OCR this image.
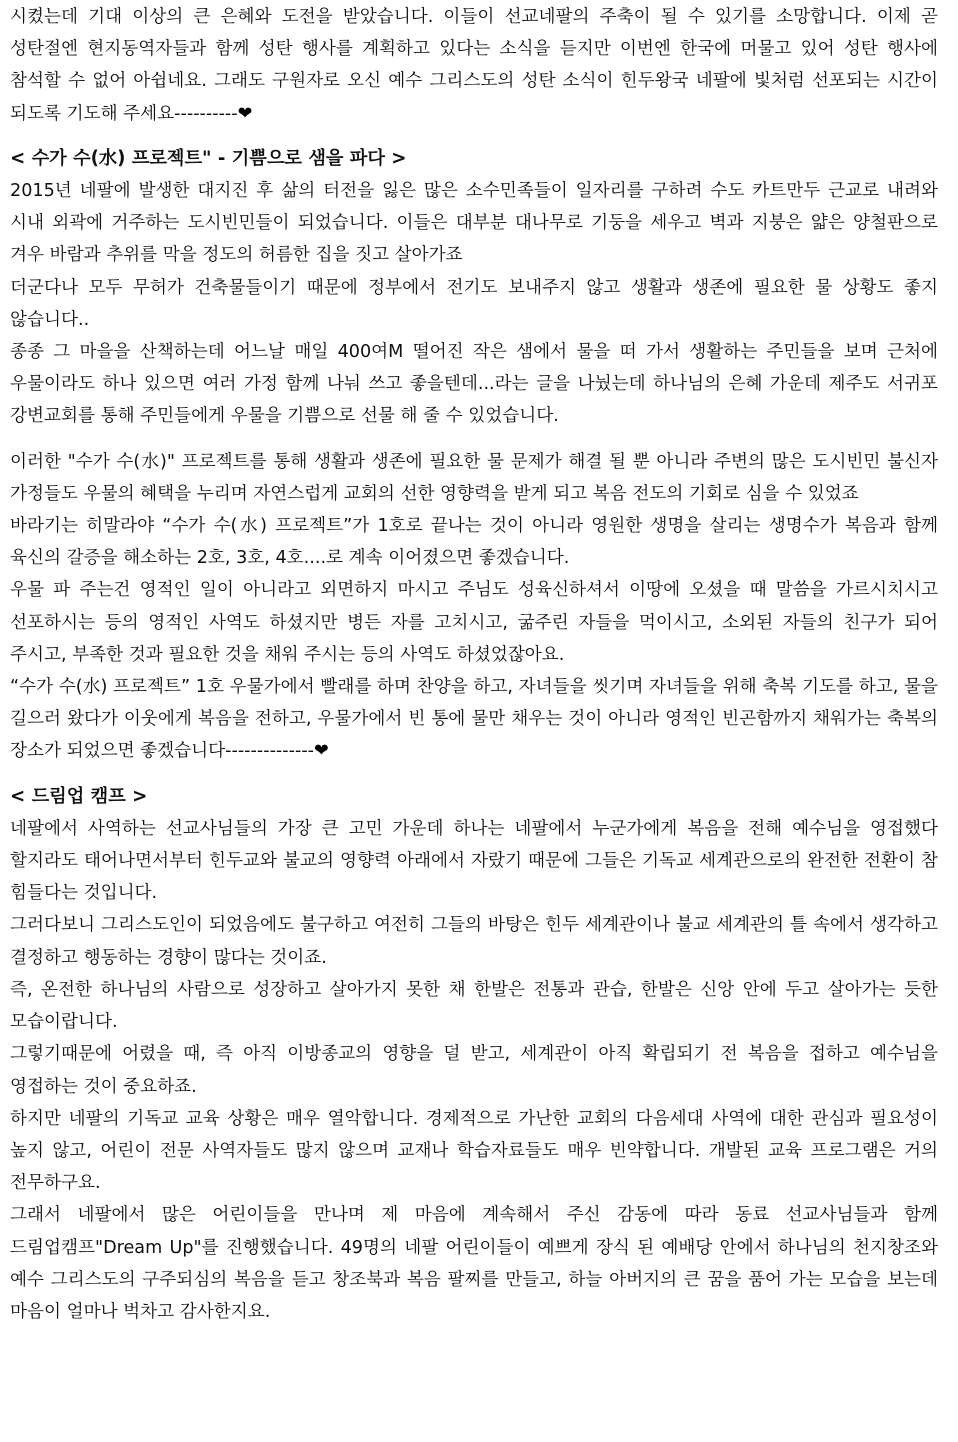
시켰는데 기대 이상의 큰 은혜와 도전을 받았습니다. 이들이 선교네팔의 주축이 될 수 있기를 소망합니다. 이제 곧 성탄절엔 현지동역자들과 함께 성탄 행사를 계획하고 있다는 소식을 듣지만 이번엔 한국에 머물고 있어 성탄 행사에 참석할 수 없어 아쉽네요. 그래도 구원자로 오신 예수 그리스도의 성탄 소식이 힌두왕국 네팔에 빛처럼 선포되는 시간이 되도록 기도해 주세요----------❤

< 수가 수(水) 프로젝트" - 기쁨으로 샘을 파다 >

2015년 네팔에 발생한 대지진 후 삶의 터전을 잃은 많은 소수민족들이 일자리를 구하려 수도 카트만두 근교로 내려와 시내 외곽에 거주하는 도시빈민들이 되었습니다. 이들은 대부분 대나무로 기둥을 세우고 벽과 지붕은 얇은 양철판으로 겨우 바람과 추위를 막을 정도의 허름한 집을 짓고 살아가죠

더군다나 모두 무허가 건축물들이기 때문에 정부에서 전기도 보내주지 않고 생활과 생존에 필요한 물 상황도 좋지 않습니다..

종종 그 마을을 산책하는데 어느날 매일 400여M 떨어진 작은 샘에서 물을 떠 가서 생활하는 주민들을 보며 근처에 우물이라도 하나 있으면 여러 가정 함께 나눠 쓰고 좋을텐데...라는 글을 나눴는데 하나님의 은혜 가운데 제주도 서귀포 강변교회를 통해 주민들에게 우물을 기쁨으로 선물 해 줄 수 있었습니다.

이러한 "수가 수(水)" 프로젝트를 통해 생활과 생존에 필요한 물 문제가 해결 될 뿐 아니라 주변의 많은 도시빈민 불신자 가정들도 우물의 혜택을 누리며 자연스럽게 교회의 선한 영향력을 받게 되고 복음 전도의 기회로 심을 수 있었죠

바라기는 히말라야 “수가 수(水) 프로젝트”가 1호로 끝나는 것이 아니라 영원한 생명을 살리는 생명수가 복음과 함께 육신의 갈증을 해소하는 2호, 3호, 4호....로 계속 이어졌으면 좋겠습니다.

우물 파 주는건 영적인 일이 아니라고 외면하지 마시고 주님도 성육신하셔서 이땅에 오셨을 때 말씀을 가르시치시고 선포하시는 등의 영적인 사역도 하셨지만 병든 자를 고치시고, 굶주린 자들을 먹이시고, 소외된 자들의 친구가 되어 주시고, 부족한 것과 필요한 것을 채워 주시는 등의 사역도 하셨었잖아요.

“수가 수(水) 프로젝트” 1호 우물가에서 빨래를 하며 찬양을 하고, 자녀들을 씻기며 자녀들을 위해 축복 기도를 하고, 물을 길으러 왔다가 이웃에게 복음을 전하고, 우물가에서 빈 통에 물만 채우는 것이 아니라 영적인 빈곤함까지 채워가는 축복의 장소가 되었으면 좋겠습니다--------------❤

< 드림업 캠프 >

네팔에서 사역하는 선교사님들의 가장 큰 고민 가운데 하나는 네팔에서 누군가에게 복음을 전해 예수님을 영접했다 할지라도 태어나면서부터 힌두교와 불교의 영향력 아래에서 자랐기 때문에 그들은 기독교 세계관으로의 완전한 전환이 참 힘들다는 것입니다.

그러다보니 그리스도인이 되었음에도 불구하고 여전히 그들의 바탕은 힌두 세계관이나 불교 세계관의 틀 속에서 생각하고 결정하고 행동하는 경향이 많다는 것이죠.

즉, 온전한 하나님의 사람으로 성장하고 살아가지 못한 채 한발은 전통과 관습, 한발은 신앙 안에 두고 살아가는 듯한 모습이랍니다.

그렇기때문에 어렸을 때, 즉 아직 이방종교의 영향을 덜 받고, 세계관이 아직 확립되기 전 복음을 접하고 예수님을 영접하는 것이 중요하죠.

하지만 네팔의 기독교 교육 상황은 매우 열악합니다. 경제적으로 가난한 교회의 다음세대 사역에 대한 관심과 필요성이 높지 않고, 어린이 전문 사역자들도 많지 않으며 교재나 학습자료들도 매우 빈약합니다. 개발된 교육 프로그램은 거의 전무하구요.

그래서 네팔에서 많은 어린이들을 만나며 제 마음에 계속해서 주신 감동에 따라 동료 선교사님들과 함께 드림업캠프"Dream Up"를 진행했습니다. 49명의 네팔 어린이들이 예쁘게 장식 된 예배당 안에서 하나님의 천지창조와 예수 그리스도의 구주되심의 복음을 듣고 창조북과 복음 팔찌를 만들고, 하늘 아버지의 큰 꿈을 품어 가는 모습을 보는데 마음이 얼마나 벅차고 감사한지요.
